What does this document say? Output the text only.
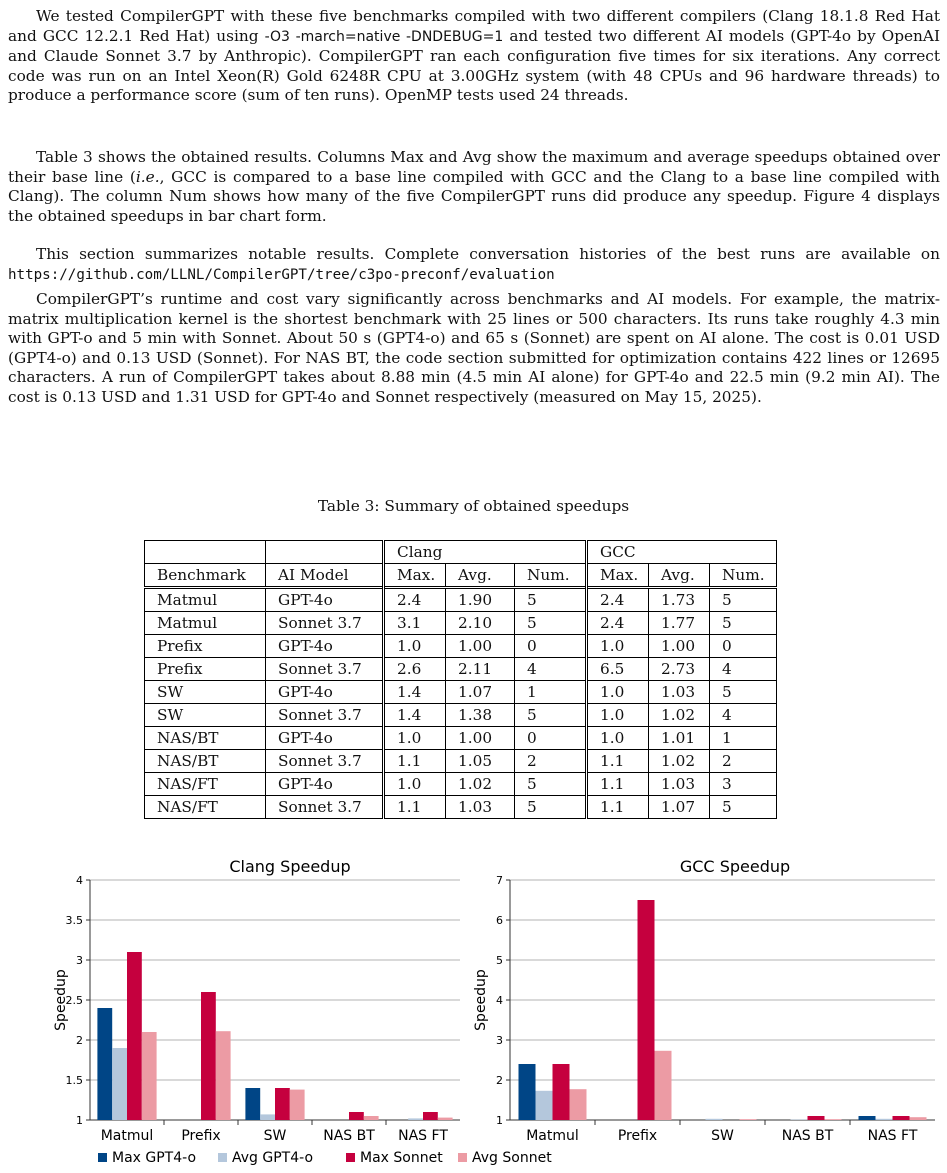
We tested CompilerGPT with these five benchmarks compiled with two different compilers (Clang 18.1.8 Red Hat and GCC 12.2.1 Red Hat) using -O3 -march=native -DNDEBUG=1 and tested two different AI models (GPT-4o by OpenAI and Claude Sonnet 3.7 by Anthropic). CompilerGPT ran each configuration five times for six iterations. Any correct code was run on an Intel Xeon(R) Gold 6248R CPU at 3.00GHz system (with 48 CPUs and 96 hardware threads) to produce a performance score (sum of ten runs). OpenMP tests used 24 threads.

Table 3 shows the obtained results. Columns Max and Avg show the maximum and average speedups obtained over their base line (i.e., GCC is compared to a base line compiled with GCC and the Clang to a base line compiled with Clang). The column Num shows how many of the five CompilerGPT runs did produce any speedup. Figure 4 displays the obtained speedups in bar chart form.

This section summarizes notable results. Complete conversation histories of the best runs are available on https://github.com/LLNL/CompilerGPT/tree/c3po-preconf/evaluation

CompilerGPT’s runtime and cost vary significantly across benchmarks and AI models. For example, the matrix-matrix multiplication kernel is the shortest benchmark with 25 lines or 500 characters. Its runs take roughly 4.3 min with GPT-o and 5 min with Sonnet. About 50 s (GPT4-o) and 65 s (Sonnet) are spent on AI alone. The cost is 0.01 USD (GPT4-o) and 0.13 USD (Sonnet). For NAS BT, the code section submitted for optimization contains 422 lines or 12695 characters. A run of CompilerGPT takes about 8.88 min (4.5 min AI alone) for GPT-4o and 22.5 min (9.2 min AI). The cost is 0.13 USD and 1.31 USD for GPT-4o and Sonnet respectively (measured on May 15, 2025).

Table 3: Summary of obtained speedups
		Clang			GCC		
Benchmark	AI Model	Max.	Avg.	Num.	Max.	Avg.	Num.
Matmul	GPT-4o	2.4	1.90	5	2.4	1.73	5
Matmul	Sonnet 3.7	3.1	2.10	5	2.4	1.77	5
Prefix	GPT-4o	1.0	1.00	0	1.0	1.00	0
Prefix	Sonnet 3.7	2.6	2.11	4	6.5	2.73	4
SW	GPT-4o	1.4	1.07	1	1.0	1.03	5
SW	Sonnet 3.7	1.4	1.38	5	1.0	1.02	4
NAS/BT	GPT-4o	1.0	1.00	0	1.0	1.01	1
NAS/BT	Sonnet 3.7	1.1	1.05	2	1.1	1.02	2
NAS/FT	GPT-4o	1.0	1.02	5	1.1	1.03	3
NAS/FT	Sonnet 3.7	1.1	1.03	5	1.1	1.07	5
Clang Speedup
Speedup
1
1.5
2
2.5
3
3.5
4
Matmul Prefix	SW	NAS BT NAS FT
Max GPT4-o	Avg GPT4-o	Max Sonnet Avg Sonnet
GCC Speedup
Speedup
1
2
3
4
5
6
7
Matmul	Prefix	SW	NAS BT NAS FT
